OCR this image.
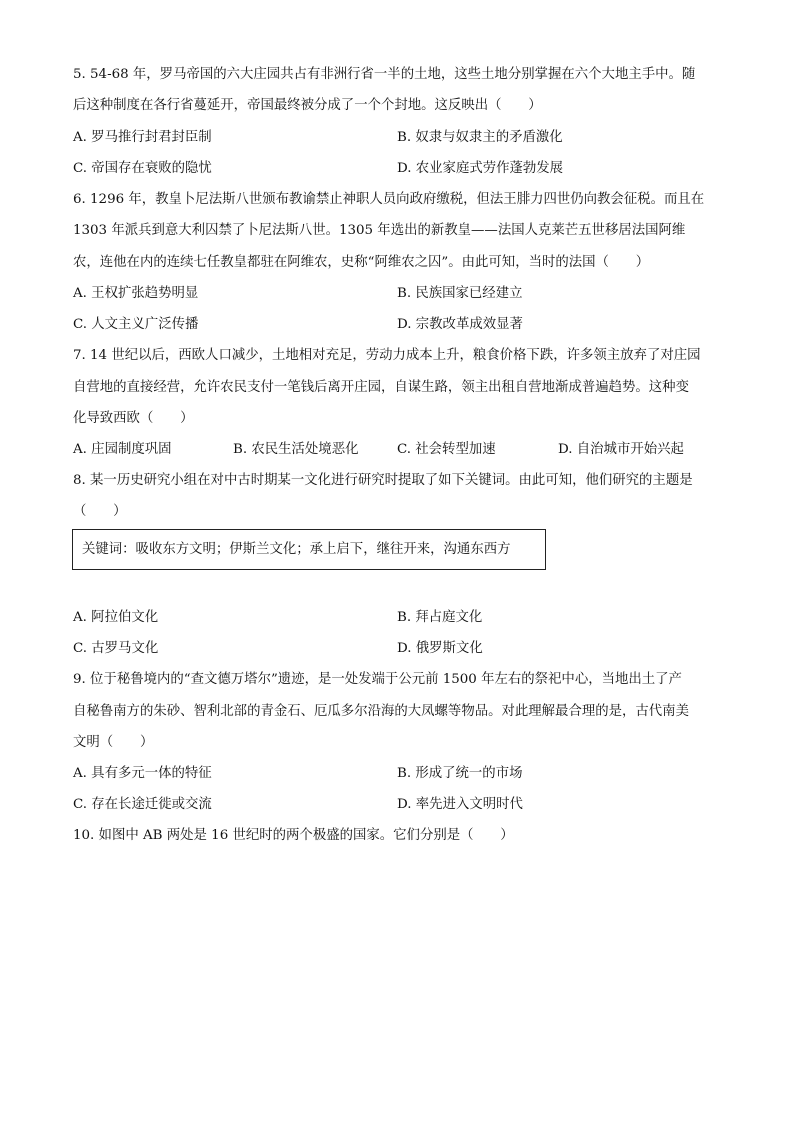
5. 54-68 年，罗马帝国的六大庄园共占有非洲行省一半的土地，这些土地分别掌握在六个大地主手中。随
后这种制度在各行省蔓延开，帝国最终被分成了一个个封地。这反映出（　　）
A. 罗马推行封君封臣制	B. 奴隶与奴隶主的矛盾激化
C. 帝国存在衰败的隐忧	D. 农业家庭式劳作蓬勃发展
6. 1296 年，教皇卜尼法斯八世颁布教谕禁止神职人员向政府缴税，但法王腓力四世仍向教会征税。而且在
1303 年派兵到意大利囚禁了卜尼法斯八世。1305 年选出的新教皇——法国人克莱芒五世移居法国阿维
农，连他在内的连续七任教皇都驻在阿维农，史称“阿维农之囚”。由此可知，当时的法国（　　）
A. 王权扩张趋势明显	B. 民族国家已经建立
C. 人文主义广泛传播	D. 宗教改革成效显著
7. 14 世纪以后，西欧人口减少，土地相对充足，劳动力成本上升，粮食价格下跌，许多领主放弃了对庄园
自营地的直接经营，允许农民支付一笔钱后离开庄园，自谋生路，领主出租自营地渐成普遍趋势。这种变
化导致西欧（　　）
A. 庄园制度巩固	B. 农民生活处境恶化	C. 社会转型加速	D. 自治城市开始兴起
8. 某一历史研究小组在对中古时期某一文化进行研究时提取了如下关键词。由此可知，他们研究的主题是
（　　）
关键词：吸收东方文明；伊斯兰文化；承上启下，继往开来，沟通东西方
A. 阿拉伯文化	B. 拜占庭文化
C. 古罗马文化	D. 俄罗斯文化
9. 位于秘鲁境内的“查文德万塔尔”遗迹，是一处发端于公元前 1500 年左右的祭祀中心，当地出土了产
自秘鲁南方的朱砂、智利北部的青金石、厄瓜多尔沿海的大凤螺等物品。对此理解最合理的是，古代南美
文明（　　）
A. 具有多元一体的特征	B. 形成了统一的市场
C. 存在长途迁徙或交流	D. 率先进入文明时代
10. 如图中 AB 两处是 16 世纪时的两个极盛的国家。它们分别是（　　）
